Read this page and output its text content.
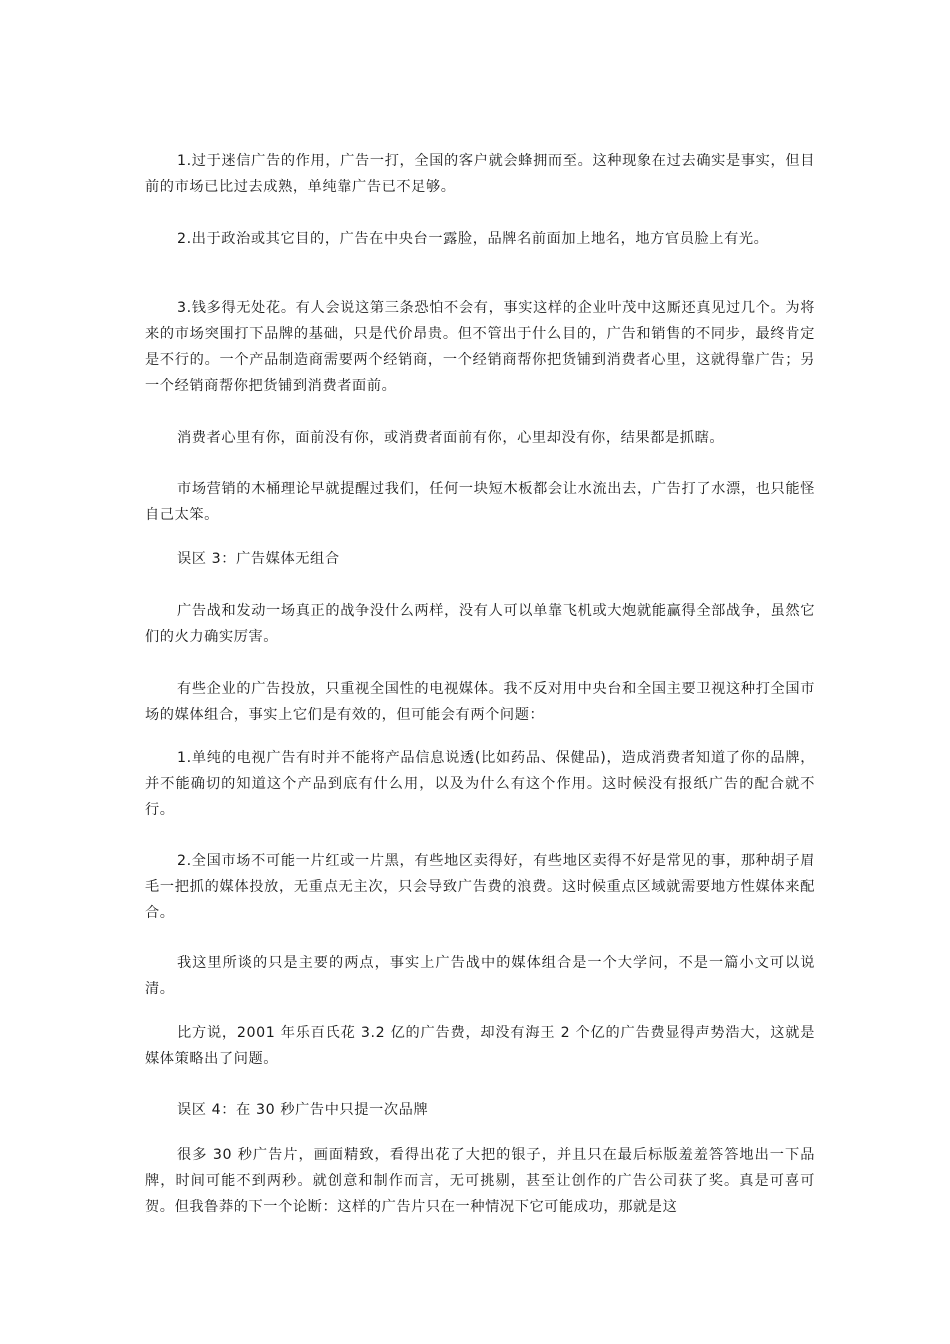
1.过于迷信广告的作用，广告一打，全国的客户就会蜂拥而至。这种现象在过去确实是事实，但目前的市场已比过去成熟，单纯靠广告已不足够。

2.出于政治或其它目的，广告在中央台一露脸，品牌名前面加上地名，地方官员脸上有光。

3.钱多得无处花。有人会说这第三条恐怕不会有，事实这样的企业叶茂中这厮还真见过几个。为将来的市场突围打下品牌的基础，只是代价昂贵。但不管出于什么目的，广告和销售的不同步，最终肯定是不行的。一个产品制造商需要两个经销商，一个经销商帮你把货铺到消费者心里，这就得靠广告；另一个经销商帮你把货铺到消费者面前。

消费者心里有你，面前没有你，或消费者面前有你，心里却没有你，结果都是抓瞎。

市场营销的木桶理论早就提醒过我们，任何一块短木板都会让水流出去，广告打了水漂，也只能怪自己太笨。

误区 3：广告媒体无组合

广告战和发动一场真正的战争没什么两样，没有人可以单靠飞机或大炮就能赢得全部战争，虽然它们的火力确实厉害。

有些企业的广告投放，只重视全国性的电视媒体。我不反对用中央台和全国主要卫视这种打全国市场的媒体组合，事实上它们是有效的，但可能会有两个问题：

1.单纯的电视广告有时并不能将产品信息说透(比如药品、保健品)，造成消费者知道了你的品牌，并不能确切的知道这个产品到底有什么用，以及为什么有这个作用。这时候没有报纸广告的配合就不行。

2.全国市场不可能一片红或一片黑，有些地区卖得好，有些地区卖得不好是常见的事，那种胡子眉毛一把抓的媒体投放，无重点无主次，只会导致广告费的浪费。这时候重点区域就需要地方性媒体来配合。

我这里所谈的只是主要的两点，事实上广告战中的媒体组合是一个大学问，不是一篇小文可以说清。

比方说，2001 年乐百氏花 3.2 亿的广告费，却没有海王 2 个亿的广告费显得声势浩大，这就是媒体策略出了问题。

误区 4：在 30 秒广告中只提一次品牌

很多 30 秒广告片，画面精致，看得出花了大把的银子，并且只在最后标版羞羞答答地出一下品牌，时间可能不到两秒。就创意和制作而言，无可挑剔，甚至让创作的广告公司获了奖。真是可喜可贺。但我鲁莽的下一个论断：这样的广告片只在一种情况下它可能成功，那就是这
